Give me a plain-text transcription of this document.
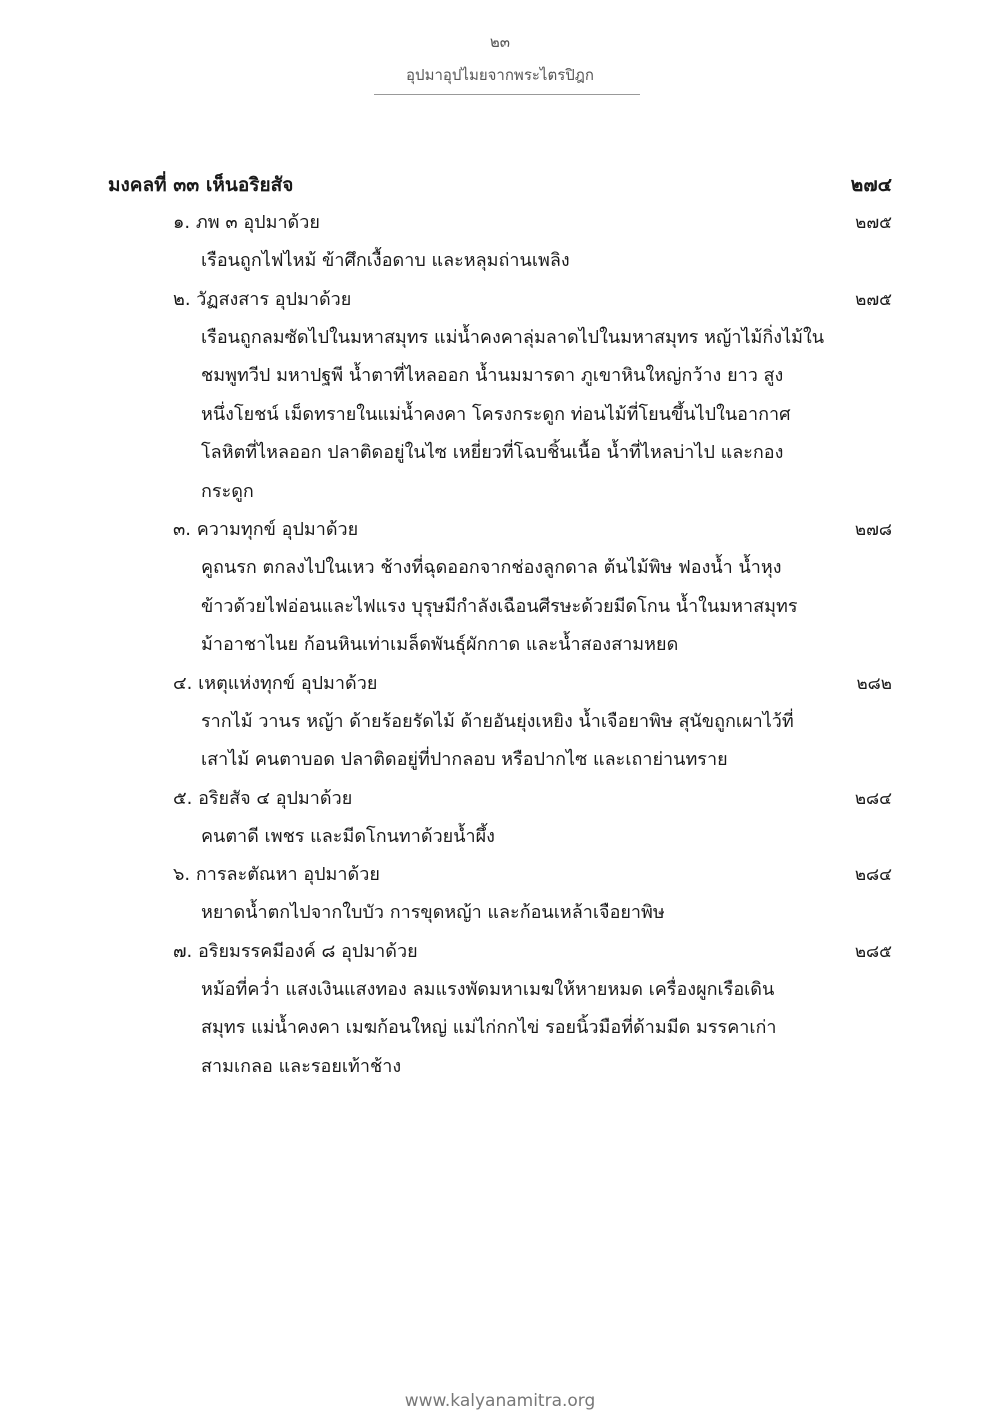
๒๓
อุปมาอุปไมยจากพระไตรปิฎก
มงคลที่ ๓๓ เห็นอริยสัจ	๒๗๔
๑. ภพ ๓ อุปมาด้วย	๒๗๕
เรือนถูกไฟไหม้ ข้าศึกเงื้อดาบ และหลุมถ่านเพลิง
๒. วัฏสงสาร อุปมาด้วย	๒๗๕
เรือนถูกลมซัดไปในมหาสมุทร แม่น้ำคงคาลุ่มลาดไปในมหาสมุทร หญ้าไม้กิ่งไม้ใน
ชมพูทวีป มหาปฐพี น้ำตาที่ไหลออก น้ำนมมารดา ภูเขาหินใหญ่กว้าง ยาว สูง
หนึ่งโยชน์ เม็ดทรายในแม่น้ำคงคา โครงกระดูก ท่อนไม้ที่โยนขึ้นไปในอากาศ
โลหิตที่ไหลออก ปลาติดอยู่ในไซ เหยี่ยวที่โฉบชิ้นเนื้อ น้ำที่ไหลบ่าไป และกอง
กระดูก
๓. ความทุกข์ อุปมาด้วย	๒๗๘
คูถนรก ตกลงไปในเหว ช้างที่ฉุดออกจากช่องลูกดาล ต้นไม้พิษ ฟองน้ำ น้ำหุง
ข้าวด้วยไฟอ่อนและไฟแรง บุรุษมีกำลังเฉือนศีรษะด้วยมีดโกน น้ำในมหาสมุทร
ม้าอาชาไนย ก้อนหินเท่าเมล็ดพันธุ์ผักกาด และน้ำสองสามหยด
๔. เหตุแห่งทุกข์ อุปมาด้วย	๒๘๒
รากไม้ วานร หญ้า ด้ายร้อยรัดไม้ ด้ายอันยุ่งเหยิง น้ำเจือยาพิษ สุนัขถูกเผาไว้ที่
เสาไม้ คนตาบอด ปลาติดอยู่ที่ปากลอบ หรือปากไซ และเถาย่านทราย
๕. อริยสัจ ๔ อุปมาด้วย	๒๘๔
คนตาดี เพชร และมีดโกนทาด้วยน้ำผึ้ง
๖. การละตัณหา อุปมาด้วย	๒๘๔
หยาดน้ำตกไปจากใบบัว การขุดหญ้า และก้อนเหล้าเจือยาพิษ
๗. อริยมรรคมีองค์ ๘ อุปมาด้วย	๒๘๕
หม้อที่คว่ำ แสงเงินแสงทอง ลมแรงพัดมหาเมฆให้หายหมด เครื่องผูกเรือเดิน
สมุทร แม่น้ำคงคา เมฆก้อนใหญ่ แม่ไก่กกไข่ รอยนิ้วมือที่ด้ามมีด มรรคาเก่า
สามเกลอ และรอยเท้าช้าง
www.kalyanamitra.org
